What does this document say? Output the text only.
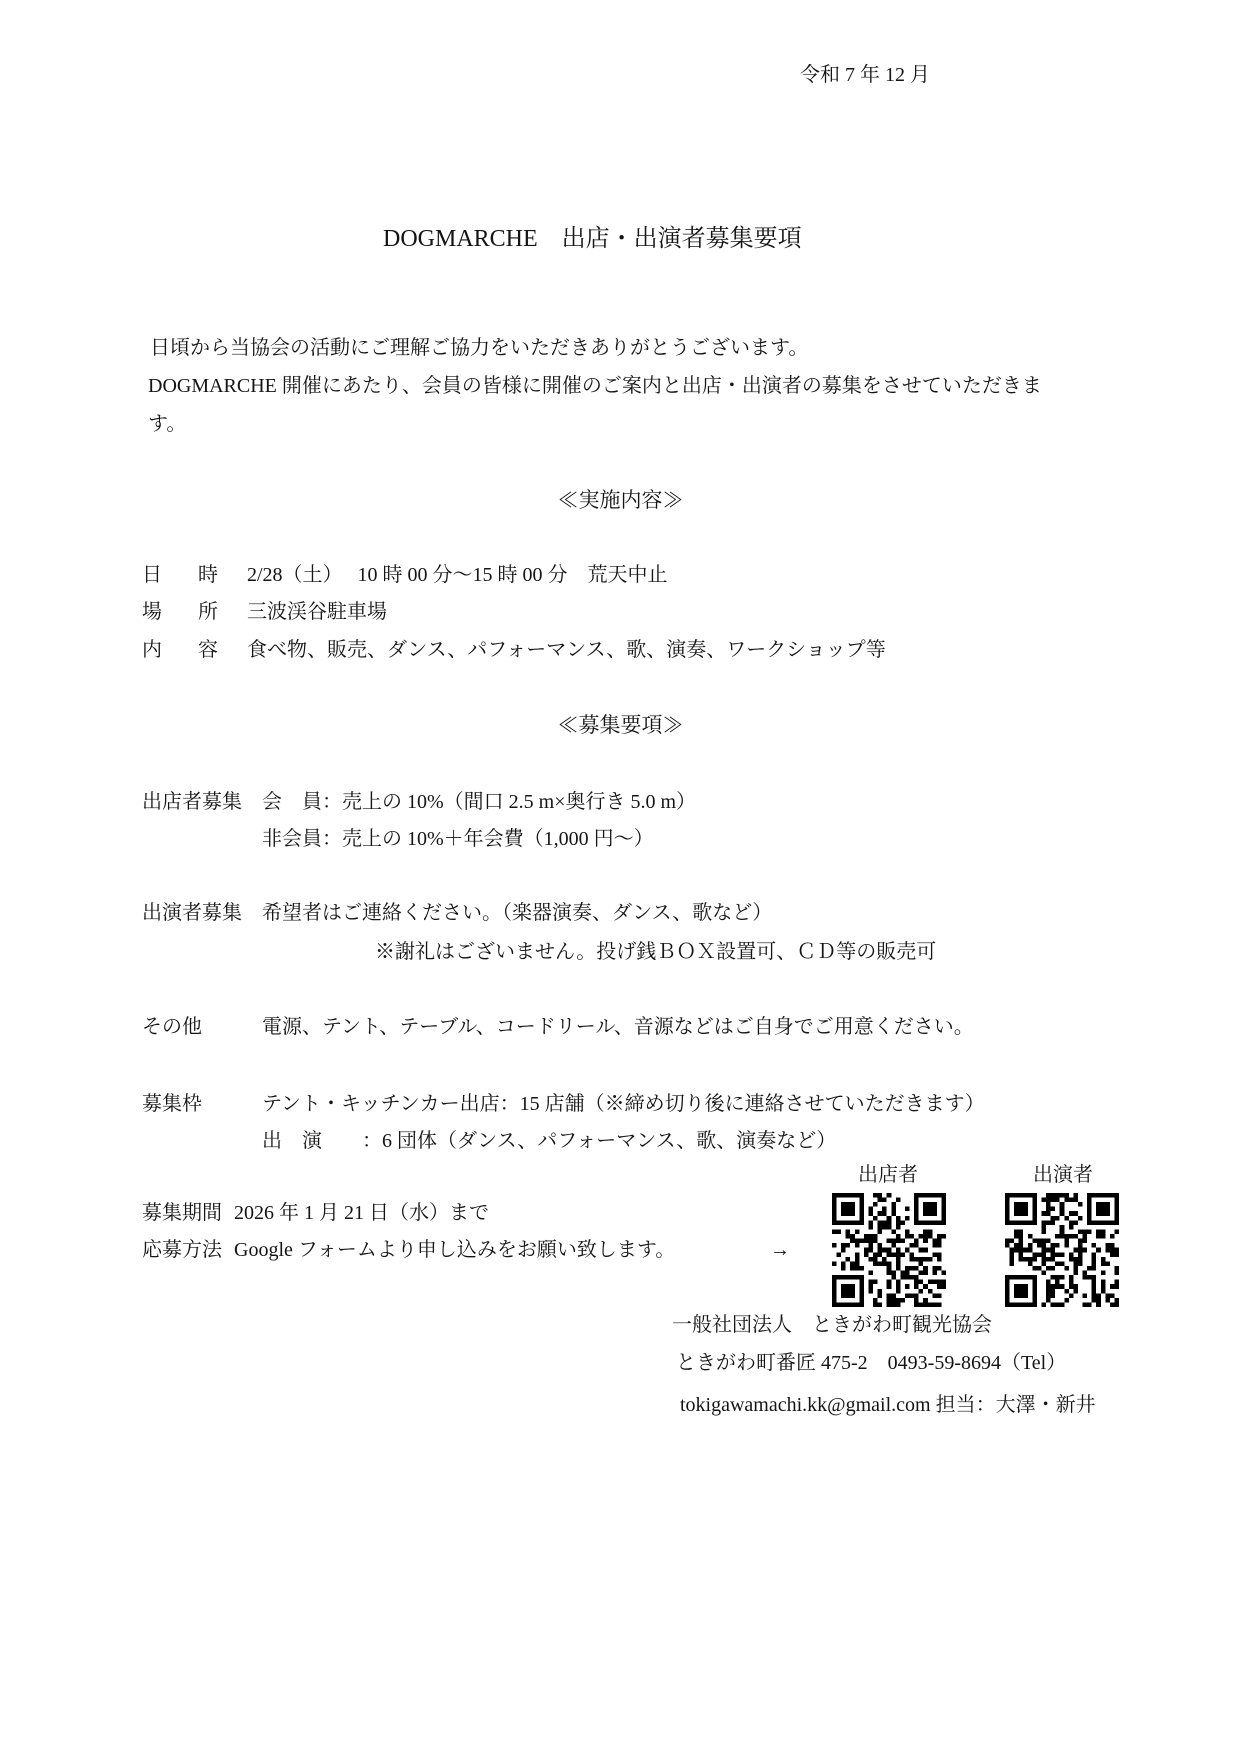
令和 7 年 12 月
DOGMARCHE　出店・出演者募集要項
日頃から当協会の活動にご理解ご協力をいただきありがとうございます。
DOGMARCHE 開催にあたり、会員の皆様に開催のご案内と出店・出演者の募集をさせていただきま
す。
≪実施内容≫
日 時 2/28（土）　 10 時 00 分～15 時 00 分　荒天中止
場 所 三波渓谷駐車場
内 容 食べ物、販売、ダンス、パフォーマンス、歌、演奏、ワークショップ等
≪募集要項≫
出店者募集 会　員：売上の 10%（間口 2.5 m×奥行き 5.0 m）
非会員：売上の 10%＋年会費（1,000 円～）
出演者募集 希望者はご連絡ください。（楽器演奏、ダンス、歌など）
※謝礼はございません。投げ銭ＢＯＸ設置可、ＣＤ等の販売可
その他	電源、テント、テーブル、コードリール、音源などはご自身でご用意ください。
募集枠	テント・キッチンカー出店：15 店舗（※締め切り後に連絡させていただきます）
出　演　　：6 団体（ダンス、パフォーマンス、歌、演奏など）
出店者	出演者
募集期間 2026 年 1 月 21 日（水）まで
応募方法 Google フォームより申し込みをお願い致します。	→
一般社団法人　ときがわ町観光協会
ときがわ町番匠 475-2　0493-59-8694（Tel）
tokigawamachi.kk@gmail.com 担当：大澤・新井
